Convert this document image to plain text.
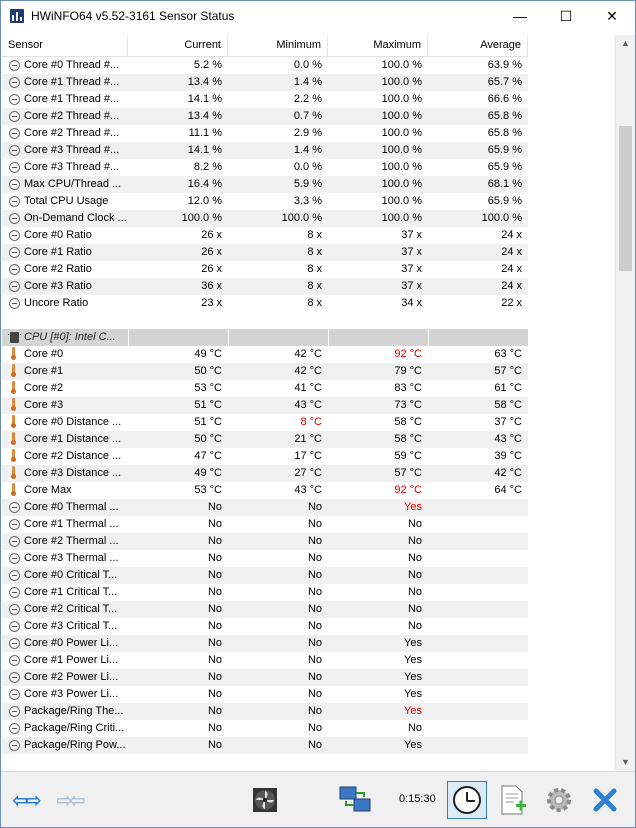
HWiNFO64 v5.52-3161 Sensor Status	—	☐	✕
Sensor	Current	Minimum	Maximum	Average
Core #0 Thread #...	5.2 %	0.0 %	100.0 %	63.9 %
Core #1 Thread #...	13.4 %	1.4 %	100.0 %	65.7 %
Core #1 Thread #...	14.1 %	2.2 %	100.0 %	66.6 %
Core #2 Thread #...	13.4 %	0.7 %	100.0 %	65.8 %
Core #2 Thread #...	11.1 %	2.9 %	100.0 %	65.8 %
Core #3 Thread #...	14.1 %	1.4 %	100.0 %	65.9 %
Core #3 Thread #...	8.2 %	0.0 %	100.0 %	65.9 %
Max CPU/Thread ...	16.4 %	5.9 %	100.0 %	68.1 %
Total CPU Usage	12.0 %	3.3 %	100.0 %	65.9 %
On-Demand Clock ...	100.0 %	100.0 %	100.0 %	100.0 %
Core #0 Ratio	26 x	8 x	37 x	24 x
Core #1 Ratio	26 x	8 x	37 x	24 x
Core #2 Ratio	26 x	8 x	37 x	24 x
Core #3 Ratio	36 x	8 x	37 x	24 x
Uncore Ratio	23 x	8 x	34 x	22 x
CPU [#0]: Intel C...
Core #0	49 °C	42 °C	92 °C	63 °C
Core #1	50 °C	42 °C	79 °C	57 °C
Core #2	53 °C	41 °C	83 °C	61 °C
Core #3	51 °C	43 °C	73 °C	58 °C
Core #0 Distance ...	51 °C	8 °C	58 °C	37 °C
Core #1 Distance ...	50 °C	21 °C	58 °C	43 °C
Core #2 Distance ...	47 °C	17 °C	59 °C	39 °C
Core #3 Distance ...	49 °C	27 °C	57 °C	42 °C
Core Max	53 °C	43 °C	92 °C	64 °C
Core #0 Thermal ...	No	No	Yes
Core #1 Thermal ...	No	No	No
Core #2 Thermal ...	No	No	No
Core #3 Thermal ...	No	No	No
Core #0 Critical T...	No	No	No
Core #1 Critical T...	No	No	No
Core #2 Critical T...	No	No	No
Core #3 Critical T...	No	No	No
Core #0 Power Li...	No	No	Yes
Core #1 Power Li...	No	No	Yes
Core #2 Power Li...	No	No	Yes
Core #3 Power Li...	No	No	Yes
Package/Ring The...	No	No	Yes
Package/Ring Criti...	No	No	No
Package/Ring Pow...	No	No	Yes
▲
▼
⇦⇨ ⇨⇦	0:15:30
